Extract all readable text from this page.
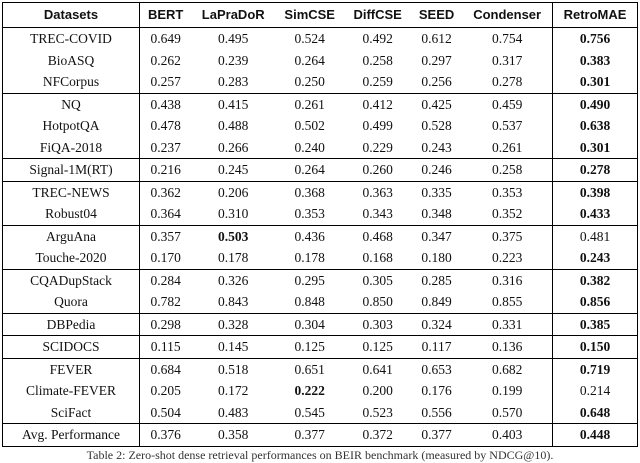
Datasets	BERT	LaPraDoR	SimCSE	DiffCSE	SEED	Condenser	RetroMAE
TREC-COVID	0.649	0.495	0.524	0.492	0.612	0.754	0.756
BioASQ	0.262	0.239	0.264	0.258	0.297	0.317	0.383
NFCorpus	0.257	0.283	0.250	0.259	0.256	0.278	0.301
NQ	0.438	0.415	0.261	0.412	0.425	0.459	0.490
HotpotQA	0.478	0.488	0.502	0.499	0.528	0.537	0.638
FiQA-2018	0.237	0.266	0.240	0.229	0.243	0.261	0.301
Signal-1M(RT)	0.216	0.245	0.264	0.260	0.246	0.258	0.278
TREC-NEWS	0.362	0.206	0.368	0.363	0.335	0.353	0.398
Robust04	0.364	0.310	0.353	0.343	0.348	0.352	0.433
ArguAna	0.357	0.503	0.436	0.468	0.347	0.375	0.481
Touche-2020	0.170	0.178	0.178	0.168	0.180	0.223	0.243
CQADupStack	0.284	0.326	0.295	0.305	0.285	0.316	0.382
Quora	0.782	0.843	0.848	0.850	0.849	0.855	0.856
DBPedia	0.298	0.328	0.304	0.303	0.324	0.331	0.385
SCIDOCS	0.115	0.145	0.125	0.125	0.117	0.136	0.150
FEVER	0.684	0.518	0.651	0.641	0.653	0.682	0.719
Climate-FEVER	0.205	0.172	0.222	0.200	0.176	0.199	0.214
SciFact	0.504	0.483	0.545	0.523	0.556	0.570	0.648
Avg. Performance	0.376	0.358	0.377	0.372	0.377	0.403	0.448
Table 2: Zero-shot dense retrieval performances on BEIR benchmark (measured by NDCG@10).
